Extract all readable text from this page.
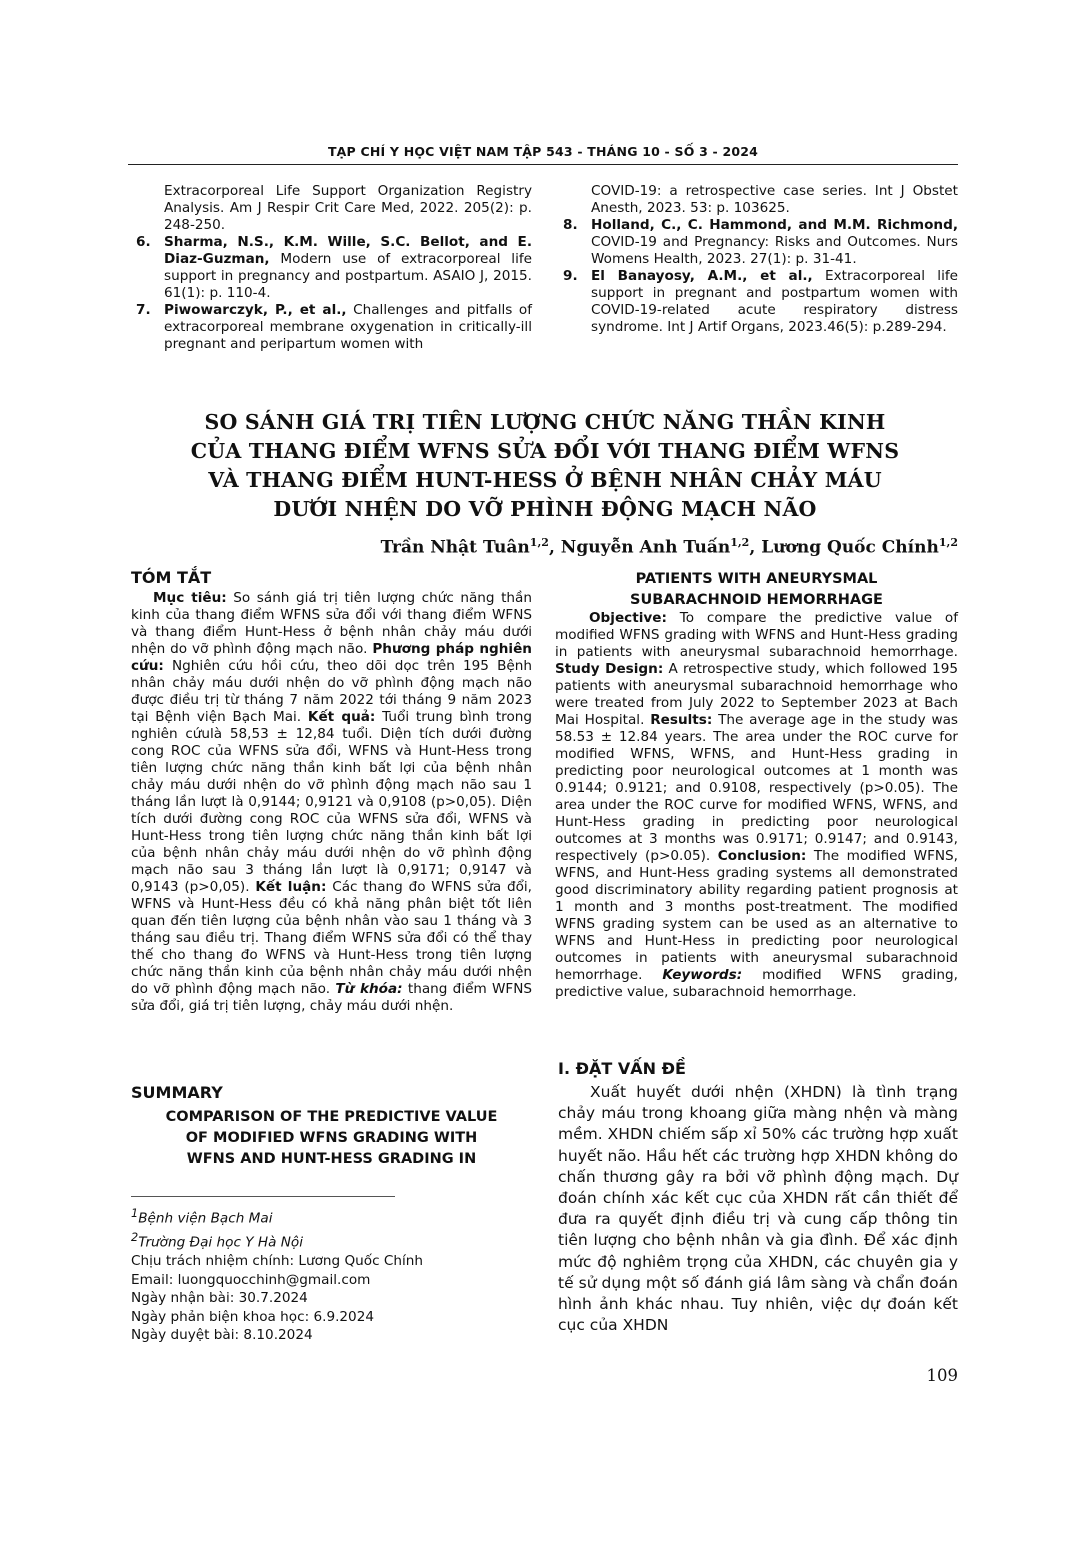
TẠP CHÍ Y HỌC VIỆT NAM TẬP 543 - THÁNG 10 - SỐ 3 - 2024
Extracorporeal Life Support Organization Registry Analysis. Am J Respir Crit Care Med, 2022. 205(2): p. 248-250.
6. Sharma, N.S., K.M. Wille, S.C. Bellot, and E. Diaz-Guzman, Modern use of extracorporeal life support in pregnancy and postpartum. ASAIO J, 2015. 61(1): p. 110-4.
7. Piwowarczyk, P., et al., Challenges and pitfalls of extracorporeal membrane oxygenation in critically-ill pregnant and peripartum women with
COVID-19: a retrospective case series. Int J Obstet Anesth, 2023. 53: p. 103625.
8. Holland, C., C. Hammond, and M.M. Richmond, COVID-19 and Pregnancy: Risks and Outcomes. Nurs Womens Health, 2023. 27(1): p. 31-41.
9. El Banayosy, A.M., et al., Extracorporeal life support in pregnant and postpartum women with COVID-19-related acute respiratory distress syndrome. Int J Artif Organs, 2023.46(5): p.289-294.
SO SÁNH GIÁ TRỊ TIÊN LƯỢNG CHỨC NĂNG THẦN KINH
CỦA THANG ĐIỂM WFNS SỬA ĐỔI VỚI THANG ĐIỂM WFNS
VÀ THANG ĐIỂM HUNT-HESS Ở BỆNH NHÂN CHẢY MÁU
DƯỚI NHỆN DO VỠ PHÌNH ĐỘNG MẠCH NÃO
Trần Nhật Tuân$^{1,2}$, Nguyễn Anh Tuấn$^{1,2}$, Lương Quốc Chính$^{1,2}$
TÓM TẮT
Mục tiêu: So sánh giá trị tiên lượng chức năng thần kinh của thang điểm WFNS sửa đổi với thang điểm WFNS và thang điểm Hunt-Hess ở bệnh nhân chảy máu dưới nhện do vỡ phình động mạch não. Phương pháp nghiên cứu: Nghiên cứu hồi cứu, theo dõi dọc trên 195 Bệnh nhân chảy máu dưới nhện do vỡ phình động mạch não được điều trị từ tháng 7 năm 2022 tới tháng 9 năm 2023 tại Bệnh viện Bạch Mai. Kết quả: Tuổi trung bình trong nghiên cứulà 58,53 ± 12,84 tuổi. Diện tích dưới đường cong ROC của WFNS sửa đổi, WFNS và Hunt-Hess trong tiên lượng chức năng thần kinh bất lợi của bệnh nhân chảy máu dưới nhện do vỡ phình động mạch não sau 1 tháng lần lượt là 0,9144; 0,9121 và 0,9108 (p>0,05). Diện tích dưới đường cong ROC của WFNS sửa đổi, WFNS và Hunt-Hess trong tiên lượng chức năng thần kinh bất lợi của bệnh nhân chảy máu dưới nhện do vỡ phình động mạch não sau 3 tháng lần lượt là 0,9171; 0,9147 và 0,9143 (p>0,05). Kết luận: Các thang đo WFNS sửa đổi, WFNS và Hunt-Hess đều có khả năng phân biệt tốt liên quan đến tiên lượng của bệnh nhân vào sau 1 tháng và 3 tháng sau điều trị. Thang điểm WFNS sửa đổi có thể thay thế cho thang đo WFNS và Hunt-Hess trong tiên lượng chức năng thần kinh của bệnh nhân chảy máu dưới nhện do vỡ phình động mạch não. Từ khóa: thang điểm WFNS sửa đổi, giá trị tiên lượng, chảy máu dưới nhện.
SUMMARY
COMPARISON OF THE PREDICTIVE VALUE
OF MODIFIED WFNS GRADING WITH
WFNS AND HUNT-HESS GRADING IN
$^1$Bệnh viện Bạch Mai
$^2$Trường Đại học Y Hà Nội
Chịu trách nhiệm chính: Lương Quốc Chính
Email: luongquocchinh@gmail.com
Ngày nhận bài: 30.7.2024
Ngày phản biện khoa học: 6.9.2024
Ngày duyệt bài: 8.10.2024
PATIENTS WITH ANEURYSMAL
SUBARACHNOID HEMORRHAGE
Objective: To compare the predictive value of modified WFNS grading with WFNS and Hunt-Hess grading in patients with aneurysmal subarachnoid hemorrhage. Study Design: A retrospective study, which followed 195 patients with aneurysmal subarachnoid hemorrhage who were treated from July 2022 to September 2023 at Bach Mai Hospital. Results: The average age in the study was 58.53 ± 12.84 years. The area under the ROC curve for modified WFNS, WFNS, and Hunt-Hess grading in predicting poor neurological outcomes at 1 month was 0.9144; 0.9121; and 0.9108, respectively (p>0.05). The area under the ROC curve for modified WFNS, WFNS, and Hunt-Hess grading in predicting poor neurological outcomes at 3 months was 0.9171; 0.9147; and 0.9143, respectively (p>0.05). Conclusion: The modified WFNS, WFNS, and Hunt-Hess grading systems all demonstrated good discriminatory ability regarding patient prognosis at 1 month and 3 months post-treatment. The modified WFNS grading system can be used as an alternative to WFNS and Hunt-Hess in predicting poor neurological outcomes in patients with aneurysmal subarachnoid hemorrhage. Keywords: modified WFNS grading, predictive value, subarachnoid hemorrhage.
I. ĐẶT VẤN ĐỀ
Xuất huyết dưới nhện (XHDN) là tình trạng chảy máu trong khoang giữa màng nhện và màng mềm. XHDN chiếm sấp xỉ 50% các trường hợp xuất huyết não. Hầu hết các trường hợp XHDN không do chấn thương gây ra bởi vỡ phình động mạch. Dự đoán chính xác kết cục của XHDN rất cần thiết để đưa ra quyết định điều trị và cung cấp thông tin tiên lượng cho bệnh nhân và gia đình. Để xác định mức độ nghiêm trọng của XHDN, các chuyên gia y tế sử dụng một số đánh giá lâm sàng và chẩn đoán hình ảnh khác nhau. Tuy nhiên, việc dự đoán kết cục của XHDN
109
